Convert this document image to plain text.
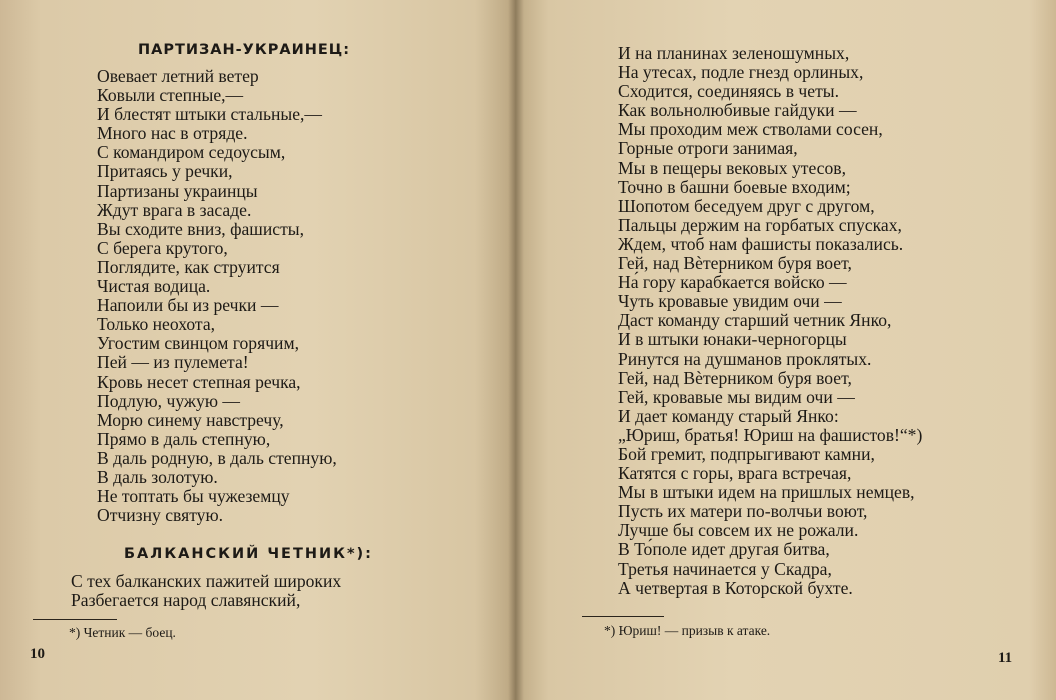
ПАРТИЗАН-УКРАИНЕЦ:
Овевает летний ветер
Ковыли степные,—
И блестят штыки стальные,—
Много нас в отряде.
С командиром седоусым,
Притаясь у речки,
Партизаны украинцы
Ждут врага в засаде.
Вы сходите вниз, фашисты,
С берега крутого,
Поглядите, как струится
Чистая водица.
Напоили бы из речки —
Только неохота,
Угостим свинцом горячим,
Пей — из пулемета!
Кровь несет степная речка,
Подлую, чужую —
Морю синему навстречу,
Прямо в даль степную,
В даль родную, в даль степную,
В даль золотую.
Не топтать бы чужеземцу
Отчизну святую.
БАЛКАНСКИЙ ЧЕТНИК*):
С тех балканских пажитей широких
Разбегается народ славянский,
*) Четник — боец.
10
И на планинах зеленошумных,
На утесах, подле гнезд орлиных,
Сходится, соединяясь в четы.
Как вольнолюбивые гайдуки —
Мы проходим меж стволами сосен,
Горные отроги занимая,
Мы в пещеры вековых утесов,
Точно в башни боевые входим;
Шопотом беседуем друг с другом,
Пальцы держим на горбатых спусках,
Ждем, чтоб нам фашисты показались.
Гей, над Вѐтерником буря воет,
На́ гору карабкается войско —
Чуть кровавые увидим очи —
Даст команду старший четник Янко,
И в штыки юнаки-черногорцы
Ринутся на душманов проклятых.
Гей, над Вѐтерником буря воет,
Гей, кровавые мы видим очи —
И дает команду старый Янко:
„Юриш, братья! Юриш на фашистов!“*)
Бой гремит, подпрыгивают камни,
Катятся с горы, врага встречая,
Мы в штыки идем на пришлых немцев,
Пусть их матери по-волчьи воют,
Лучше бы совсем их не рожали.
В То́поле идет другая битва,
Третья начинается у Скадра,
А четвертая в Которской бухте.
*) Юриш! — призыв к атаке.
11
